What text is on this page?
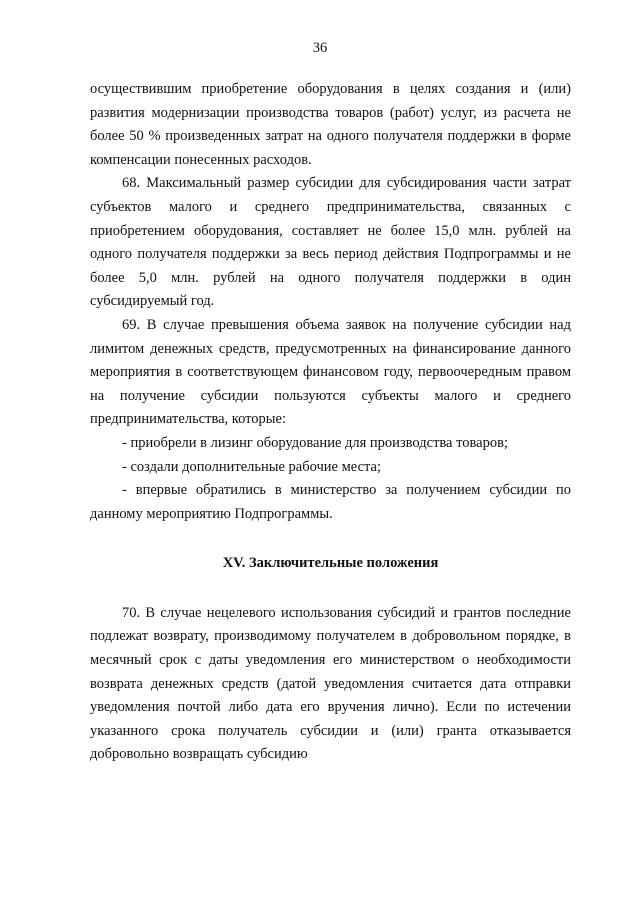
36

осуществившим приобретение оборудования в целях создания и (или) развития модернизации производства товаров (работ) услуг, из расчета не более 50 % произведенных затрат на одного получателя поддержки в форме компенсации понесенных расходов.

68. Максимальный размер субсидии для субсидирования части затрат субъектов малого и среднего предпринимательства, связанных с приобретением оборудования, составляет не более 15,0 млн. рублей на одного получателя поддержки за весь период действия Подпрограммы и не более 5,0 млн. рублей на одного получателя поддержки в один субсидируемый год.

69. В случае превышения объема заявок на получение субсидии над лимитом денежных средств, предусмотренных на финансирование данного мероприятия в соответствующем финансовом году, первоочередным правом на получение субсидии пользуются субъекты малого и среднего предпринимательства, которые:

- приобрели в лизинг оборудование для производства товаров;

- создали дополнительные рабочие места;

- впервые обратились в министерство за получением субсидии по данному мероприятию Подпрограммы.

XV. Заключительные положения

70. В случае нецелевого использования субсидий и грантов последние подлежат возврату, производимому получателем в добровольном порядке, в месячный срок с даты уведомления его министерством о необходимости возврата денежных средств (датой уведомления считается дата отправки уведомления почтой либо дата его вручения лично). Если по истечении указанного срока получатель субсидии и (или) гранта отказывается добровольно возвращать субсидию
